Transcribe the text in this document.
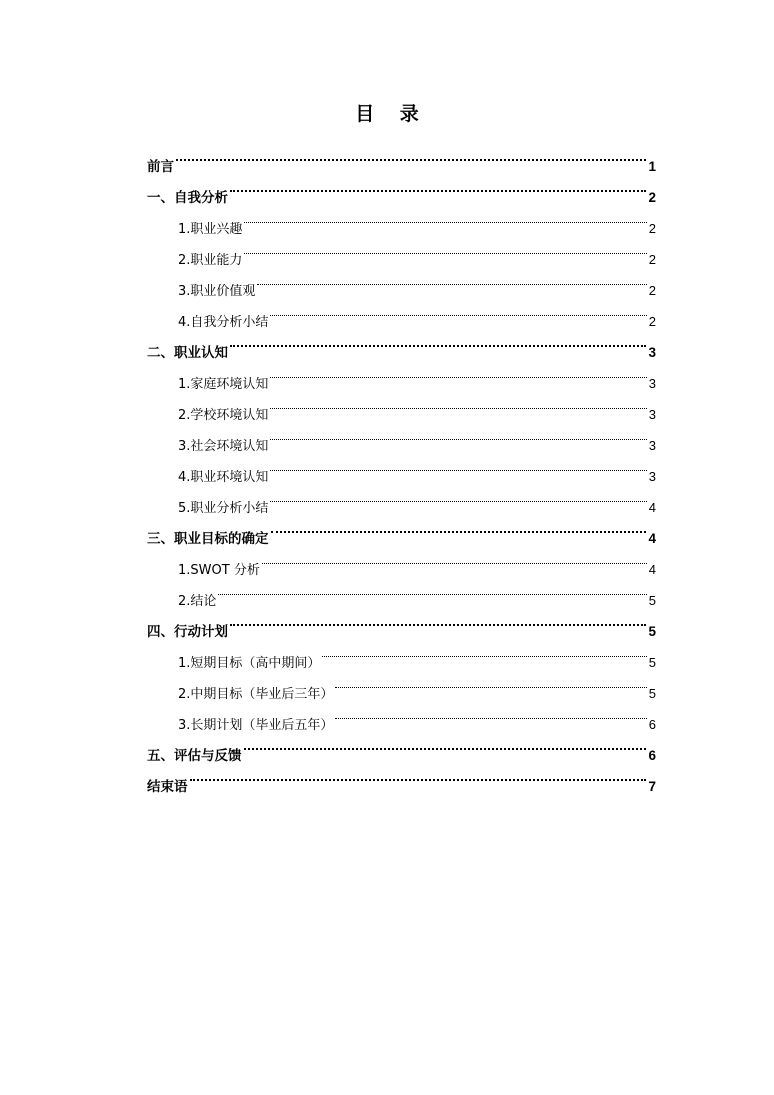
目 录
前言	1
一、自我分析	2
1.职业兴趣	2
2.职业能力	2
3.职业价值观	2
4.自我分析小结	2
二、职业认知	3
1.家庭环境认知	3
2.学校环境认知	3
3.社会环境认知	3
4.职业环境认知	3
5.职业分析小结	4
三、职业目标的确定	4
1.SWOT 分析	4
2.结论	5
四、行动计划	5
1.短期目标（高中期间）	5
2.中期目标（毕业后三年）	5
3.长期计划（毕业后五年）	6
五、评估与反馈	6
结束语	7
